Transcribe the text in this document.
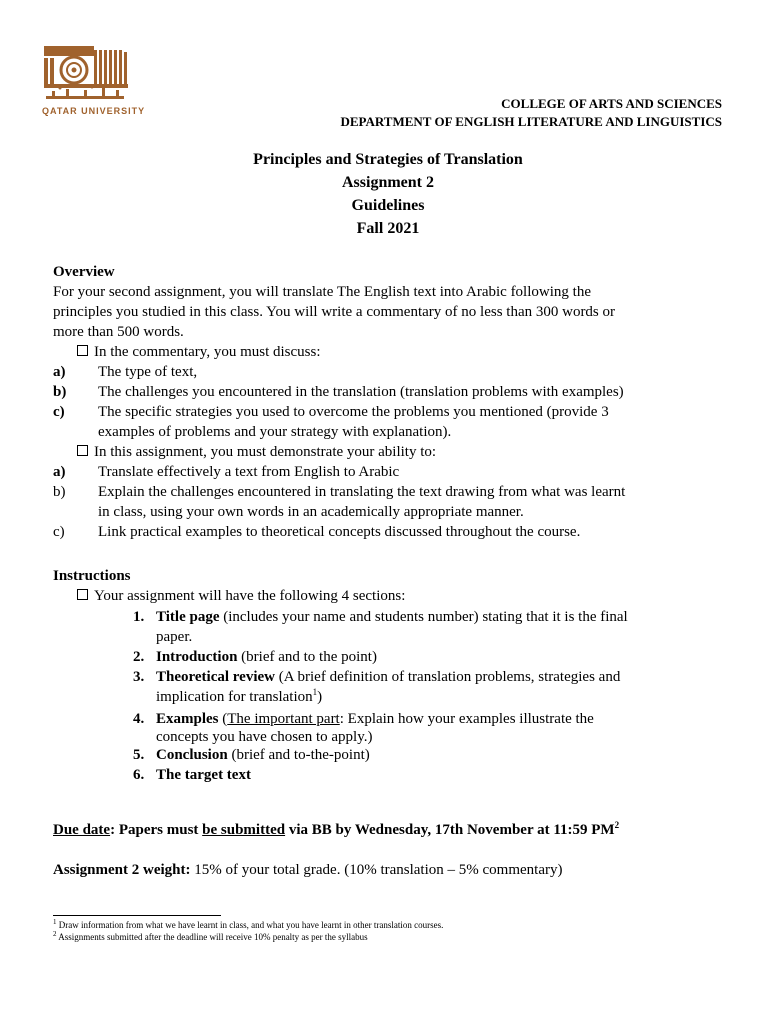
QATAR UNIVERSITY	COLLEGE OF ARTS AND SCIENCES
DEPARTMENT OF ENGLISH LITERATURE AND LINGUISTICS
Principles and Strategies of Translation
Assignment 2
Guidelines
Fall 2021
Overview
For your second assignment, you will translate The English text into Arabic following the
principles you studied in this class. You will write a commentary of no less than 300 words or
more than 500 words.
In the commentary, you must discuss:
a) The type of text,
b) The challenges you encountered in the translation (translation problems with examples)
c) The specific strategies you used to overcome the problems you mentioned (provide 3
examples of problems and your strategy with explanation).
In this assignment, you must demonstrate your ability to:
a) Translate effectively a text from English to Arabic
b) Explain the challenges encountered in translating the text drawing from what was learnt
in class, using your own words in an academically appropriate manner.
c) Link practical examples to theoretical concepts discussed throughout the course.
Instructions
Your assignment will have the following 4 sections:
1. Title page (includes your name and students number) stating that it is the final
paper.
2. Introduction (brief and to the point)
3. Theoretical review (A brief definition of translation problems, strategies and
implication for translation$^1$)
4. Examples (The important part: Explain how your examples illustrate the
concepts you have chosen to apply.)
5. Conclusion (brief and to-the-point)
6. The target text
Due date: Papers must be submitted via BB by Wednesday, 17th November at 11:59 $PM^2$
Assignment 2 weight: 15% of your total grade. (10% translation – 5% commentary)
$^1$ Draw information from what we have learnt in class, and what you have learnt in other translation courses.
$^2$ Assignments submitted after the deadline will receive 10% penalty as per the syllabus
